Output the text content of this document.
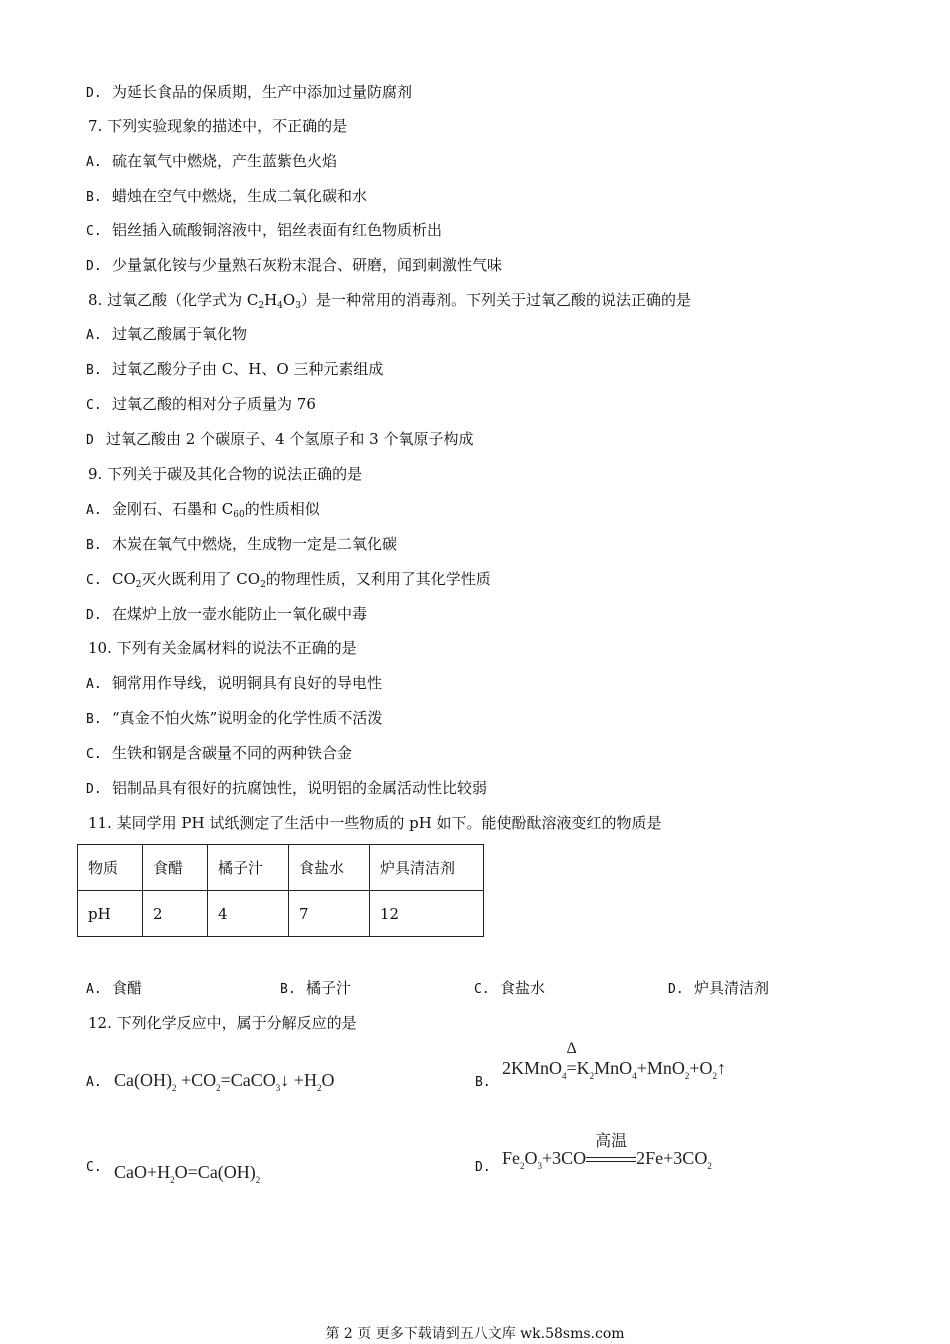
D. 为延长食品的保质期，生产中添加过量防腐剂
7. 下列实验现象的描述中，不正确的是
A. 硫在氧气中燃烧，产生蓝紫色火焰
B. 蜡烛在空气中燃烧，生成二氧化碳和水
C. 铝丝插入硫酸铜溶液中，铝丝表面有红色物质析出
D. 少量氯化铵与少量熟石灰粉末混合、研磨，闻到刺激性气味
8. 过氧乙酸（化学式为 $C_2H_4O_3$）是一种常用的消毒剂。下列关于过氧乙酸的说法正确的是
A. 过氧乙酸属于氧化物
B. 过氧乙酸分子由 C、H、O 三种元素组成
C. 过氧乙酸的相对分子质量为 76
D 过氧乙酸由 2 个碳原子、4 个氢原子和 3 个氧原子构成
9. 下列关于碳及其化合物的说法正确的是
A. 金刚石、石墨和 $C_{60}$的性质相似
B. 木炭在氧气中燃烧，生成物一定是二氧化碳
C. $CO_2$灭火既利用了 $CO_2$的物理性质，又利用了其化学性质
D. 在煤炉上放一壶水能防止一氧化碳中毒
10. 下列有关金属材料的说法不正确的是
A. 铜常用作导线，说明铜具有良好的导电性
B. “真金不怕火炼”说明金的化学性质不活泼
C. 生铁和钢是含碳量不同的两种铁合金
D. 铝制品具有很好的抗腐蚀性，说明铝的金属活动性比较弱
11. 某同学用 PH 试纸测定了生活中一些物质的 pH 如下。能使酚酞溶液变红的物质是
物质	食醋	橘子汁	食盐水	炉具清洁剂
pH	2	4	7	12
A. 食醋	B. 橘子汁	C. 食盐水	D. 炉具清洁剂
12. 下列化学反应中，属于分解反应的是
A. $Ca(OH)_2$ $+CO_2=CaCO_3↓ +H_2O$	B.
2KMnO$_4$
Δ
$=K_2MnO_4+MnO_2+O_2↑$
C. $CaO+H_2O=Ca(OH)_2$
D. $Fe_2O_3+3CO$
高温
$2Fe+3CO_2$
第 2 页 更多下载请到五八文库 wk.58sms.com
